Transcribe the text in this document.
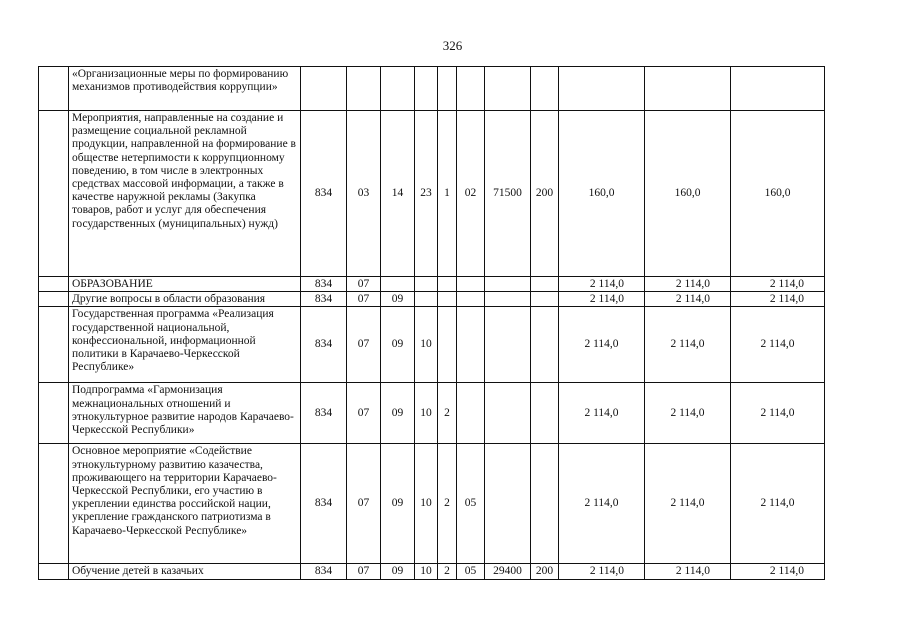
326
	«Организационные меры по формированию механизмов противодействия коррупции»											
	Мероприятия, направленные на создание и размещение социальной рекламной продукции, направленной на формирование в обществе нетерпимости к коррупционному поведению, в том числе в электронных средствах массовой информации, а также в качестве наружной рекламы (Закупка товаров, работ и услуг для обеспечения государственных (муниципальных) нужд)	834	03	14	23	1	02	71500	200	160,0	160,0	160,0
	ОБРАЗОВАНИЕ	834	07							2 114,0	2 114,0	2 114,0
	Другие вопросы в области образования	834	07	09						2 114,0	2 114,0	2 114,0
	Государственная программа «Реализация государственной национальной, конфессиональной, информационной политики в Карачаево-Черкесской Республике»	834	07	09	10					2 114,0	2 114,0	2 114,0
	Подпрограмма «Гармонизация межнациональных отношений и этнокультурное развитие народов Карачаево-Черкесской Республики»	834	07	09	10	2				2 114,0	2 114,0	2 114,0
	Основное мероприятие «Содействие этнокультурному развитию казачества, проживающего на территории Карачаево-Черкесской Республики, его участию в укреплении единства российской нации, укрепление гражданского патриотизма в Карачаево-Черкесской Республике»	834	07	09	10	2	05			2 114,0	2 114,0	2 114,0
	Обучение детей в казачьих	834	07	09	10	2	05	29400	200	2 114,0	2 114,0	2 114,0
